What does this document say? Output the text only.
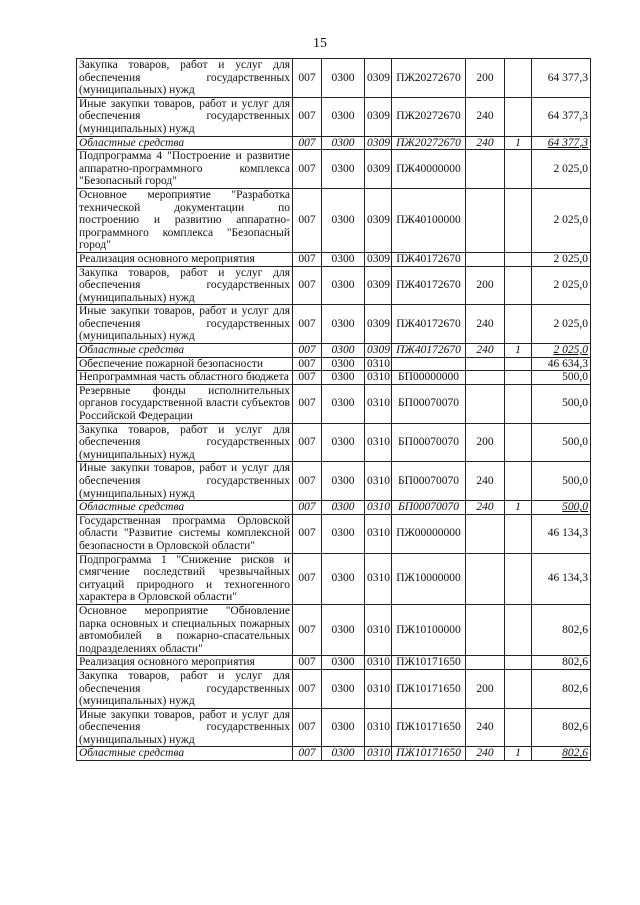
15
Закупка товаров, работ и услуг для обеспечения государственных (муниципальных) нужд	007	0300	0309	ПЖ20272670	200		64 377,3
Иные закупки товаров, работ и услуг для обеспечения государственных (муниципальных) нужд	007	0300	0309	ПЖ20272670	240		64 377,3
Областные средства	007	0300	0309	ПЖ20272670	240	1	64 377,3
Подпрограмма 4 "Построение и развитие аппаратно-программного комплекса "Безопасный город"	007	0300	0309	ПЖ40000000			2 025,0
Основное мероприятие "Разработка технической документации по построению и развитию аппаратно-программного комплекса "Безопасный город"	007	0300	0309	ПЖ40100000			2 025,0
Реализация основного мероприятия	007	0300	0309	ПЖ40172670			2 025,0
Закупка товаров, работ и услуг для обеспечения государственных (муниципальных) нужд	007	0300	0309	ПЖ40172670	200		2 025,0
Иные закупки товаров, работ и услуг для обеспечения государственных (муниципальных) нужд	007	0300	0309	ПЖ40172670	240		2 025,0
Областные средства	007	0300	0309	ПЖ40172670	240	1	2 025,0
Обеспечение пожарной безопасности	007	0300	0310				46 634,3
Непрограммная часть областного бюджета	007	0300	0310	БП00000000			500,0
Резервные фонды исполнительных органов государственной власти субъектов Российской Федерации	007	0300	0310	БП00070070			500,0
Закупка товаров, работ и услуг для обеспечения государственных (муниципальных) нужд	007	0300	0310	БП00070070	200		500,0
Иные закупки товаров, работ и услуг для обеспечения государственных (муниципальных) нужд	007	0300	0310	БП00070070	240		500,0
Областные средства	007	0300	0310	БП00070070	240	1	500,0
Государственная программа Орловской области "Развитие системы комплексной безопасности в Орловской области"	007	0300	0310	ПЖ00000000			46 134,3
Подпрограмма 1 "Снижение рисков и смягчение последствий чрезвычайных ситуаций природного и техногенного характера в Орловской области"	007	0300	0310	ПЖ10000000			46 134,3
Основное мероприятие "Обновление парка основных и специальных пожарных автомобилей в пожарно-спасательных подразделениях области"	007	0300	0310	ПЖ10100000			802,6
Реализация основного мероприятия	007	0300	0310	ПЖ10171650			802,6
Закупка товаров, работ и услуг для обеспечения государственных (муниципальных) нужд	007	0300	0310	ПЖ10171650	200		802,6
Иные закупки товаров, работ и услуг для обеспечения государственных (муниципальных) нужд	007	0300	0310	ПЖ10171650	240		802,6
Областные средства	007	0300	0310	ПЖ10171650	240	1	802,6
